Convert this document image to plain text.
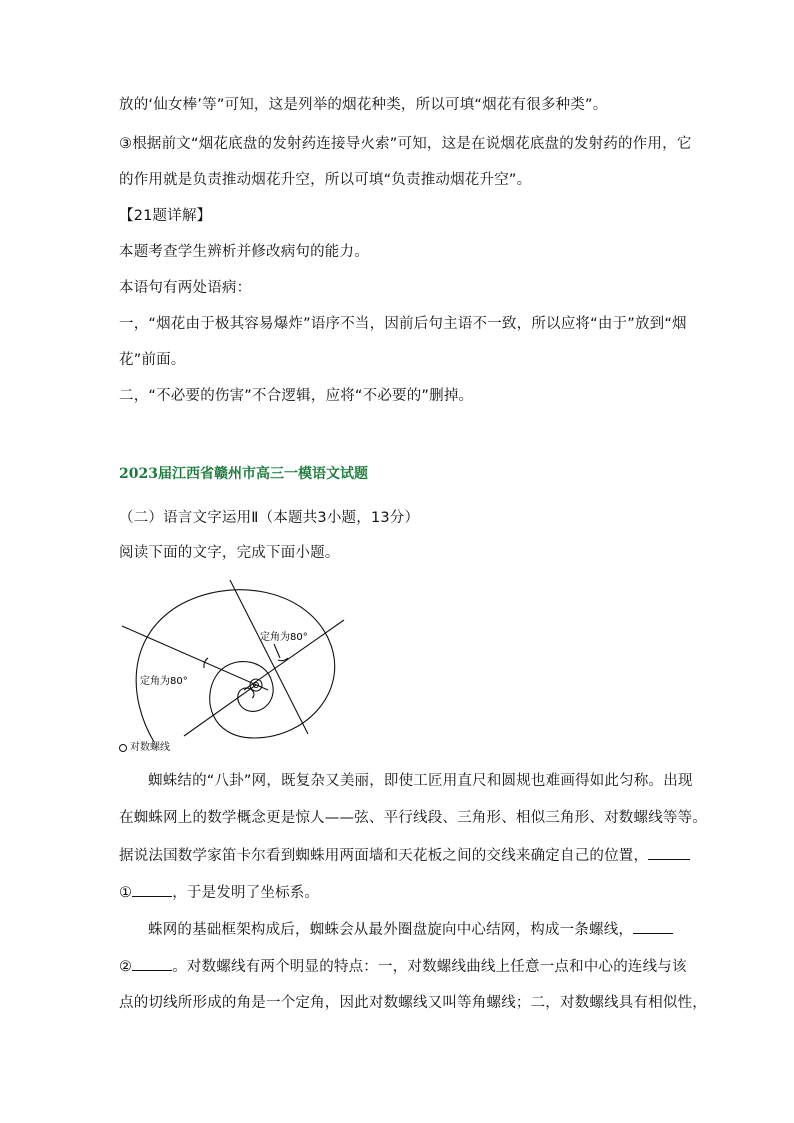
放的‘仙女棒’等”可知，这是列举的烟花种类，所以可填“烟花有很多种类”。
③根据前文“烟花底盘的发射药连接导火索”可知，这是在说烟花底盘的发射药的作用，它
的作用就是负责推动烟花升空，所以可填“负责推动烟花升空”。
【21题详解】
本题考查学生辨析并修改病句的能力。
本语句有两处语病：
一，“烟花由于极其容易爆炸”语序不当，因前后句主语不一致，所以应将“由于”放到“烟
花”前面。
二，“不必要的伤害”不合逻辑，应将“不必要的”删掉。
2023届江西省赣州市高三一模语文试题
（二）语言文字运用Ⅱ（本题共3小题，13分）
阅读下面的文字，完成下面小题。
定角为80°
定角为80°
对数螺线
蜘蛛结的“八卦”网，既复杂又美丽，即使工匠用直尺和圆规也难画得如此匀称。出现
在蜘蛛网上的数学概念更是惊人——弦、平行线段、三角形、相似三角形、对数螺线等等。
据说法国数学家笛卡尔看到蜘蛛用两面墙和天花板之间的交线来确定自己的位置，
①	，于是发明了坐标系。
蛛网的基础框架构成后，蜘蛛会从最外圈盘旋向中心结网，构成一条螺线，
②	。对数螺线有两个明显的特点：一，对数螺线曲线上任意一点和中心的连线与该
点的切线所形成的角是一个定角，因此对数螺线又叫等角螺线；二，对数螺线具有相似性，
